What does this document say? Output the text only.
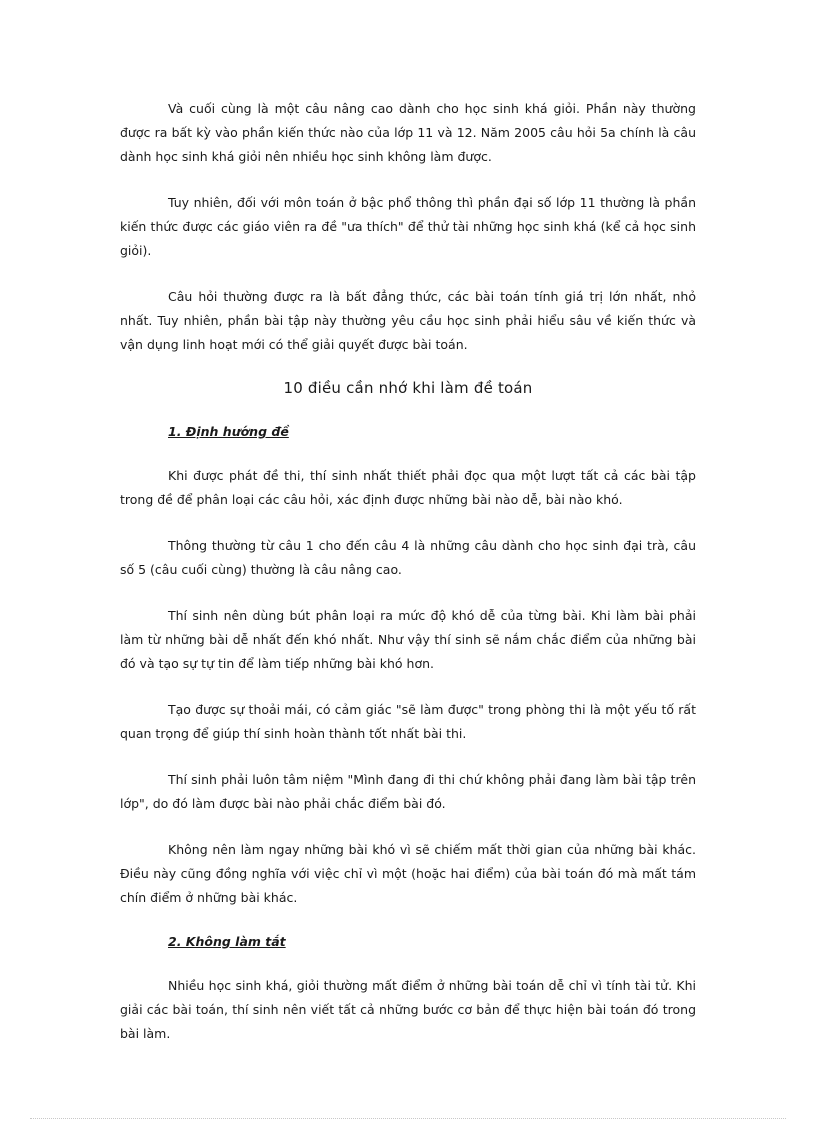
Và cuối cùng là một câu nâng cao dành cho học sinh khá giỏi. Phần này thường được ra bất kỳ vào phần kiến thức nào của lớp 11 và 12. Năm 2005 câu hỏi 5a chính là câu dành học sinh khá giỏi nên nhiều học sinh không làm được.

Tuy nhiên, đối với môn toán ở bậc phổ thông thì phần đại số lớp 11 thường là phần kiến thức được các giáo viên ra đề "ưa thích" để thử tài những học sinh khá (kể cả học sinh giỏi).

Câu hỏi thường được ra là bất đẳng thức, các bài toán tính giá trị lớn nhất, nhỏ nhất. Tuy nhiên, phần bài tập này thường yêu cầu học sinh phải hiểu sâu về kiến thức và vận dụng linh hoạt mới có thể giải quyết được bài toán.

10 điều cần nhớ khi làm đề toán
1. Định hướng đề

Khi được phát đề thi, thí sinh nhất thiết phải đọc qua một lượt tất cả các bài tập trong đề để phân loại các câu hỏi, xác định được những bài nào dễ, bài nào khó.

Thông thường từ câu 1 cho đến câu 4 là những câu dành cho học sinh đại trà, câu số 5 (câu cuối cùng) thường là câu nâng cao.

Thí sinh nên dùng bút phân loại ra mức độ khó dễ của từng bài. Khi làm bài phải làm từ những bài dễ nhất đến khó nhất. Như vậy thí sinh sẽ nắm chắc điểm của những bài đó và tạo sự tự tin để làm tiếp những bài khó hơn.

Tạo được sự thoải mái, có cảm giác "sẽ làm được" trong phòng thi là một yếu tố rất quan trọng để giúp thí sinh hoàn thành tốt nhất bài thi.

Thí sinh phải luôn tâm niệm "Mình đang đi thi chứ không phải đang làm bài tập trên lớp", do đó làm được bài nào phải chắc điểm bài đó.

Không nên làm ngay những bài khó vì sẽ chiếm mất thời gian của những bài khác. Điều này cũng đồng nghĩa với việc chỉ vì một (hoặc hai điểm) của bài toán đó mà mất tám chín điểm ở những bài khác.

2. Không làm tắt

Nhiều học sinh khá, giỏi thường mất điểm ở những bài toán dễ chỉ vì tính tài tử. Khi giải các bài toán, thí sinh nên viết tất cả những bước cơ bản để thực hiện bài toán đó trong bài làm.
